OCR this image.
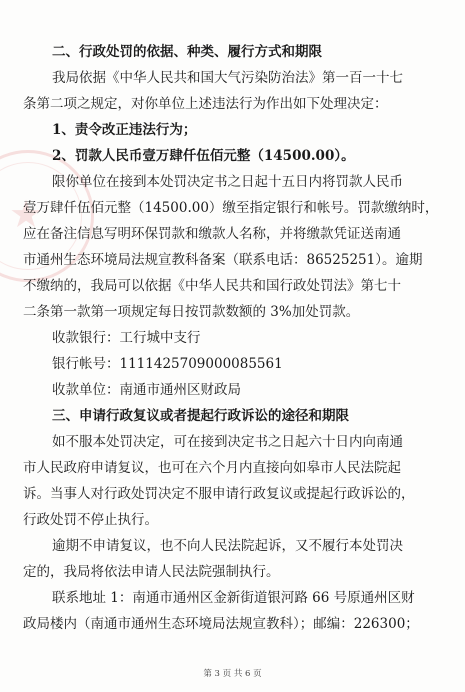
★
二、行政处罚的依据、种类、履行方式和期限
我局依据《中华人民共和国大气污染防治法》第一百一十七
条第二项之规定，对你单位上述违法行为作出如下处理决定：
1、责令改正违法行为；
2、罚款人民币壹万肆仟伍佰元整（14500.00）。
限你单位在接到本处罚决定书之日起十五日内将罚款人民币
壹万肆仟伍佰元整（14500.00）缴至指定银行和帐号。罚款缴纳时，
应在备注信息写明环保罚款和缴款人名称，并将缴款凭证送南通
市通州生态环境局法规宣教科备案（联系电话：86525251）。逾期
不缴纳的，我局可以依据《中华人民共和国行政处罚法》第七十
二条第一款第一项规定每日按罚款数额的 3%加处罚款。
收款银行：工行城中支行
银行帐号：1111425709000085561
收款单位：南通市通州区财政局
三、申请行政复议或者提起行政诉讼的途径和期限
如不服本处罚决定，可在接到决定书之日起六十日内向南通
市人民政府申请复议，也可在六个月内直接向如皋市人民法院起
诉。当事人对行政处罚决定不服申请行政复议或提起行政诉讼的，
行政处罚不停止执行。
逾期不申请复议，也不向人民法院起诉，又不履行本处罚决
定的，我局将依法申请人民法院强制执行。
联系地址 1：南通市通州区金新街道银河路 66 号原通州区财
政局楼内（南通市通州生态环境局法规宣教科）；邮编：226300；
第 3 页 共 6 页
